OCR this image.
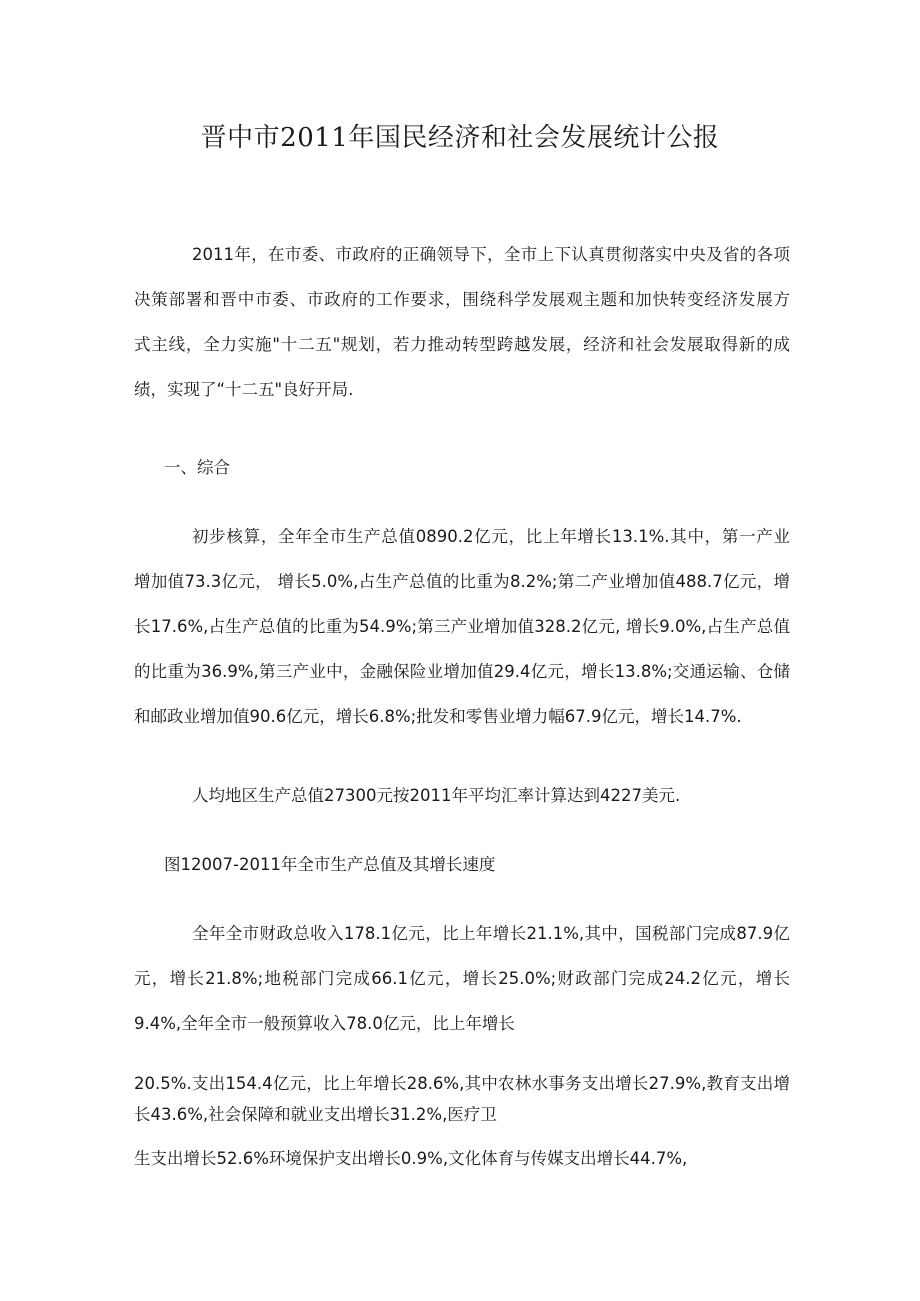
晋中市2011年国民经济和社会发展统计公报
2011年，在市委、市政府的正确领导下，全市上下认真贯彻落实中央及省的各项
决策部署和晋中市委、市政府的工作要求，围绕科学发展观主题和加快转变经济发展方
式主线，全力实施"十二五"规划，若力推动转型跨越发展，经济和社会发展取得新的成
绩，实现了“十二五"良好开局.
一、综合
初步核算，全年全市生产总值0890.2亿元，比上年增长13.1%.其中，第一产业
增加值73.3亿元， 增长5.0%,占生产总值的比重为8.2%;第二产业增加值488.7亿元，增
长17.6%,占生产总值的比重为54.9%;第三产业增加值328.2亿元, 增长9.0%,占生产总值
的比重为36.9%,第三产业中，金融保险业增加值29.4亿元，增长13.8%;交通运输、仓储
和邮政业增加值90.6亿元，增长6.8%;批发和零售业增力幅67.9亿元，增长14.7%.
人均地区生产总值27300元按2011年平均汇率计算达到4227美元.
图12007-2011年全市生产总值及其增长速度
全年全市财政总收入178.1亿元，比上年增长21.1%,其中，国税部门完成87.9亿
元，增长21.8%;地税部门完成66.1亿元，增长25.0%;财政部门完成24.2亿元，增长
9.4%,全年全市一般预算收入78.0亿元，比上年增长
20.5%.支出154.4亿元，比上年增长28.6%,其中农林水事务支出增长27.9%,教育支出增
长43.6%,社会保障和就业支出增长31.2%,医疗卫
生支出增长52.6%环境保护支出增长0.9%,文化体育与传媒支出增长44.7%,
